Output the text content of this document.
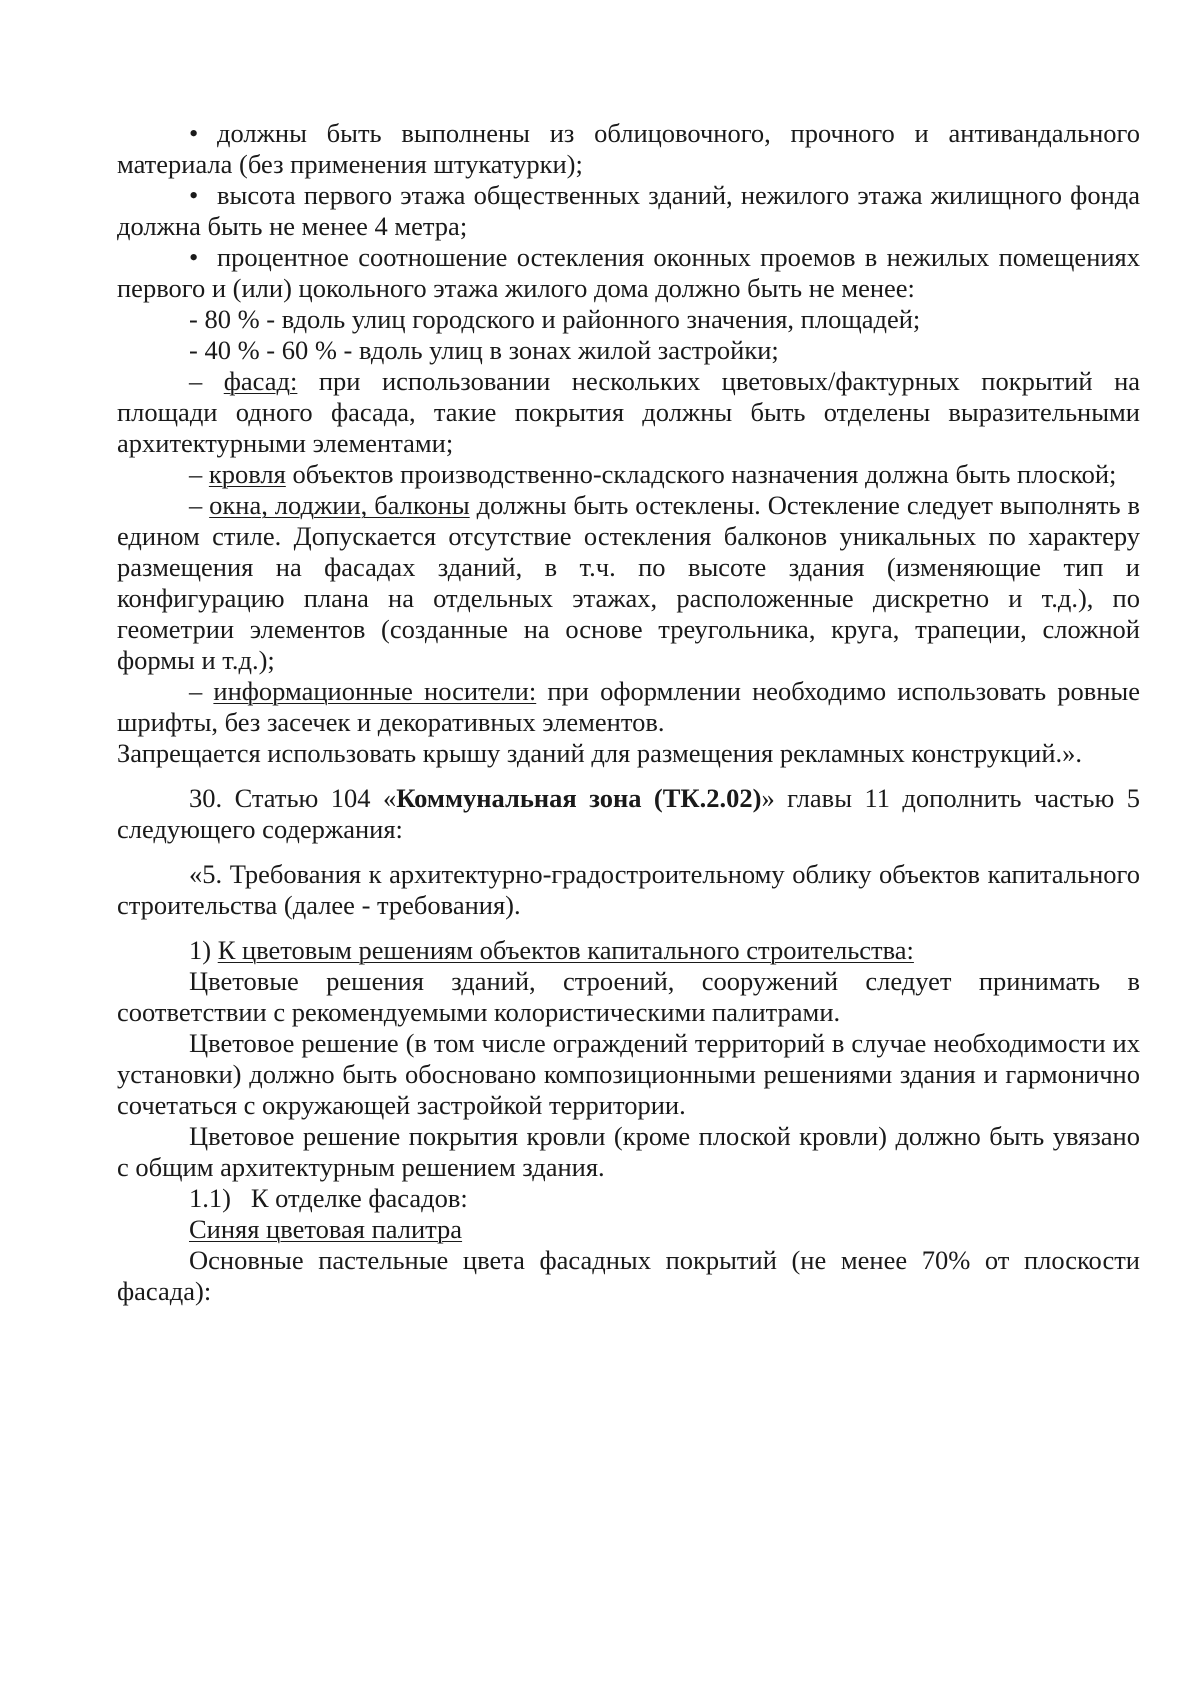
• должны быть выполнены из облицовочного, прочного и антивандального материала (без применения штукатурки);

• высота первого этажа общественных зданий, нежилого этажа жилищного фонда должна быть не менее 4 метра;

• процентное соотношение остекления оконных проемов в нежилых помещениях первого и (или) цокольного этажа жилого дома должно быть не менее:

- 80 % - вдоль улиц городского и районного значения, площадей;

- 40 % - 60 % - вдоль улиц в зонах жилой застройки;

– фасад: при использовании нескольких цветовых/фактурных покрытий на площади одного фасада, такие покрытия должны быть отделены выразительными архитектурными элементами;

– кровля объектов производственно-складского назначения должна быть плоской;

– окна, лоджии, балконы должны быть остеклены. Остекление следует выполнять в едином стиле. Допускается отсутствие остекления балконов уникальных по характеру размещения на фасадах зданий, в т.ч. по высоте здания (изменяющие тип и конфигурацию плана на отдельных этажах, расположенные дискретно и т.д.), по геометрии элементов (созданные на основе треугольника, круга, трапеции, сложной формы и т.д.);

– информационные носители: при оформлении необходимо использовать ровные шрифты, без засечек и декоративных элементов.

Запрещается использовать крышу зданий для размещения рекламных конструкций.».

30. Статью 104 «Коммунальная зона (ТК.2.02)» главы 11 дополнить частью 5 следующего содержания:

«5. Требования к архитектурно-градостроительному облику объектов капитального строительства (далее - требования).

1) К цветовым решениям объектов капитального строительства:

Цветовые решения зданий, строений, сооружений следует принимать в соответствии с рекомендуемыми колористическими палитрами.

Цветовое решение (в том числе ограждений территорий в случае необходимости их установки) должно быть обосновано композиционными решениями здания и гармонично сочетаться с окружающей застройкой территории.

Цветовое решение покрытия кровли (кроме плоской кровли) должно быть увязано с общим архитектурным решением здания.

1.1)   К отделке фасадов:

Синяя цветовая палитра

Основные пастельные цвета фасадных покрытий (не менее 70% от плоскости фасада):
